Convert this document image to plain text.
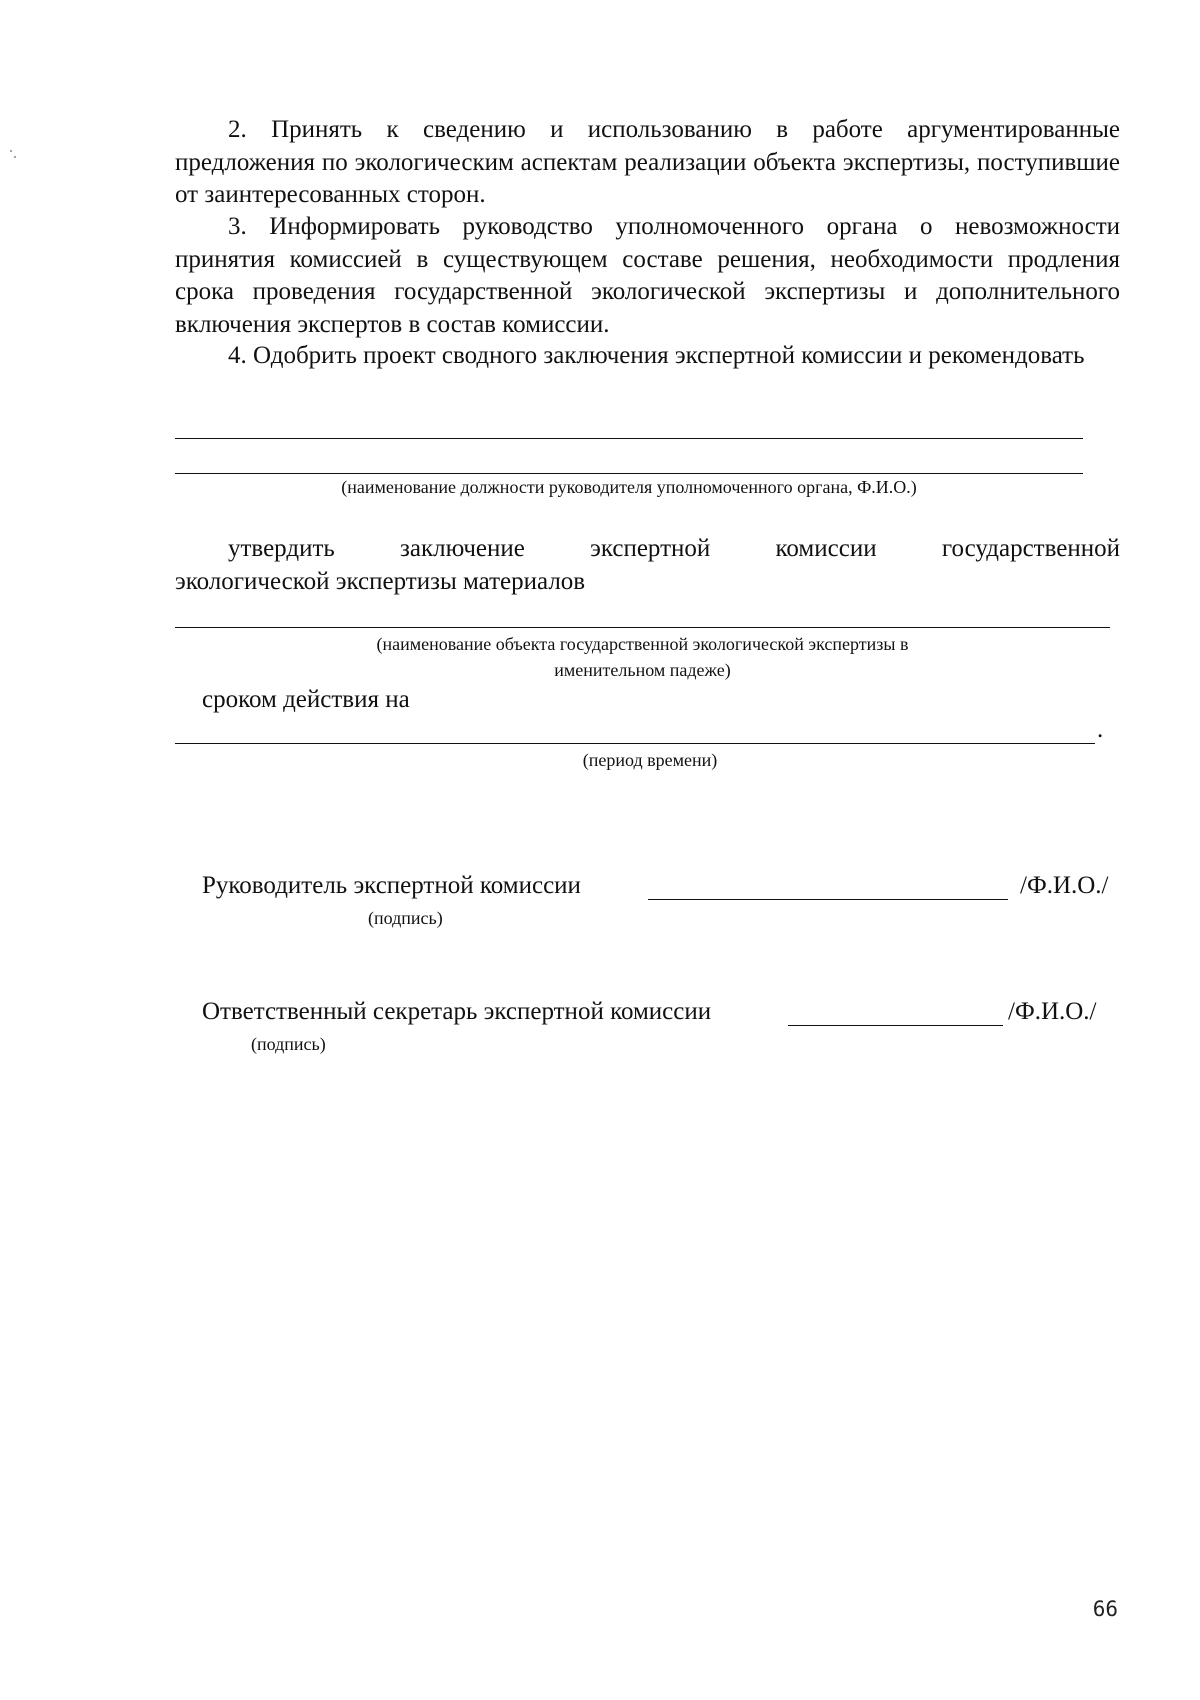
2. Принять к сведению и использованию в работе аргументированные предложения по экологическим аспектам реализации объекта экспертизы, поступившие от заинтересованных сторон.
3. Информировать руководство уполномоченного органа о невозможности принятия комиссией в существующем составе решения, необходимости продления срока проведения государственной экологической экспертизы и дополнительного включения экспертов в состав комиссии.
4. Одобрить проект сводного заключения экспертной комиссии и рекомендовать
(наименование должности руководителя уполномоченного органа, Ф.И.О.)
утвердить заключение экспертной комиссии государственной
экологической экспертизы материалов
(наименование объекта государственной экологической экспертизы в
именительном падеже)
сроком действия на
.
(период времени)
Руководитель экспертной комиссии	/Ф.И.О./
(подпись)
Ответственный секретарь экспертной комиссии	/Ф.И.О./
(подпись)
66
